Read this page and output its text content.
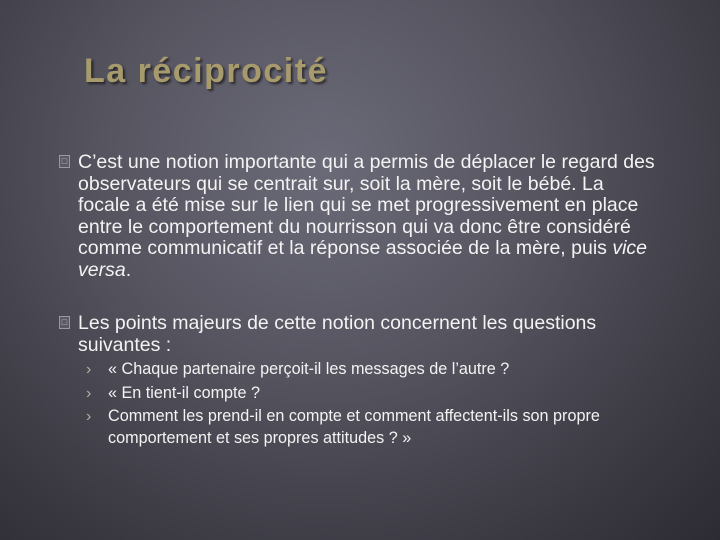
La réciprocité
□ C’est une notion importante qui a permis de déplacer le regard des observateurs qui se centrait sur, soit la mère, soit le bébé. La focale a été mise sur le lien qui se met progressivement en place entre le comportement du nourrisson qui va donc être considéré comme communicatif et la réponse associée de la mère, puis vice versa.
□ Les points majeurs de cette notion concernent les questions suivantes :
› « Chaque partenaire perçoit-il les messages de l’autre ?
› « En tient-il compte ?
› Comment les prend-il en compte et comment affectent-ils son propre comportement et ses propres attitudes ? »
